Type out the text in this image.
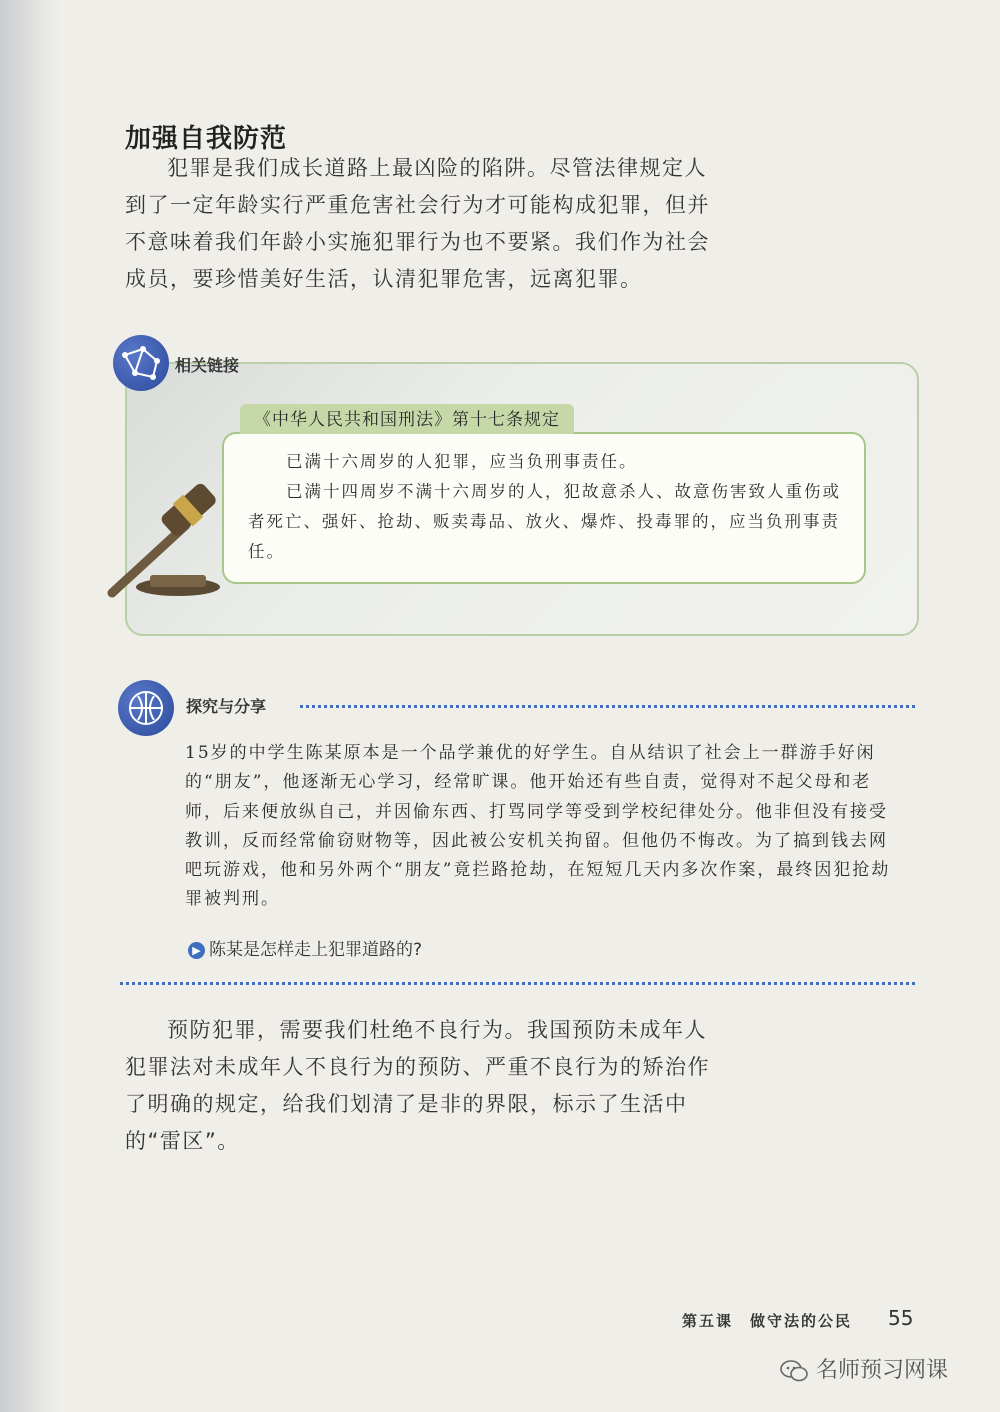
加强自我防范

犯罪是我们成长道路上最凶险的陷阱。尽管法律规定人到了一定年龄实行严重危害社会行为才可能构成犯罪，但并不意味着我们年龄小实施犯罪行为也不要紧。我们作为社会成员，要珍惜美好生活，认清犯罪危害，远离犯罪。

相关链接
《中华人民共和国刑法》第十七条规定

已满十六周岁的人犯罪，应当负刑事责任。

已满十四周岁不满十六周岁的人，犯故意杀人、故意伤害致人重伤或者死亡、强奸、抢劫、贩卖毒品、放火、爆炸、投毒罪的，应当负刑事责任。

探究与分享

15岁的中学生陈某原本是一个品学兼优的好学生。自从结识了社会上一群游手好闲的“朋友”，他逐渐无心学习，经常旷课。他开始还有些自责，觉得对不起父母和老师，后来便放纵自己，并因偷东西、打骂同学等受到学校纪律处分。他非但没有接受教训，反而经常偷窃财物等，因此被公安机关拘留。但他仍不悔改。为了搞到钱去网吧玩游戏，他和另外两个“朋友”竟拦路抢劫，在短短几天内多次作案，最终因犯抢劫罪被判刑。

▶ 陈某是怎样走上犯罪道路的?

预防犯罪，需要我们杜绝不良行为。我国预防未成年人犯罪法对未成年人不良行为的预防、严重不良行为的矫治作了明确的规定，给我们划清了是非的界限，标示了生活中的“雷区”。

第五课　做守法的公民 55
名师预习网课
